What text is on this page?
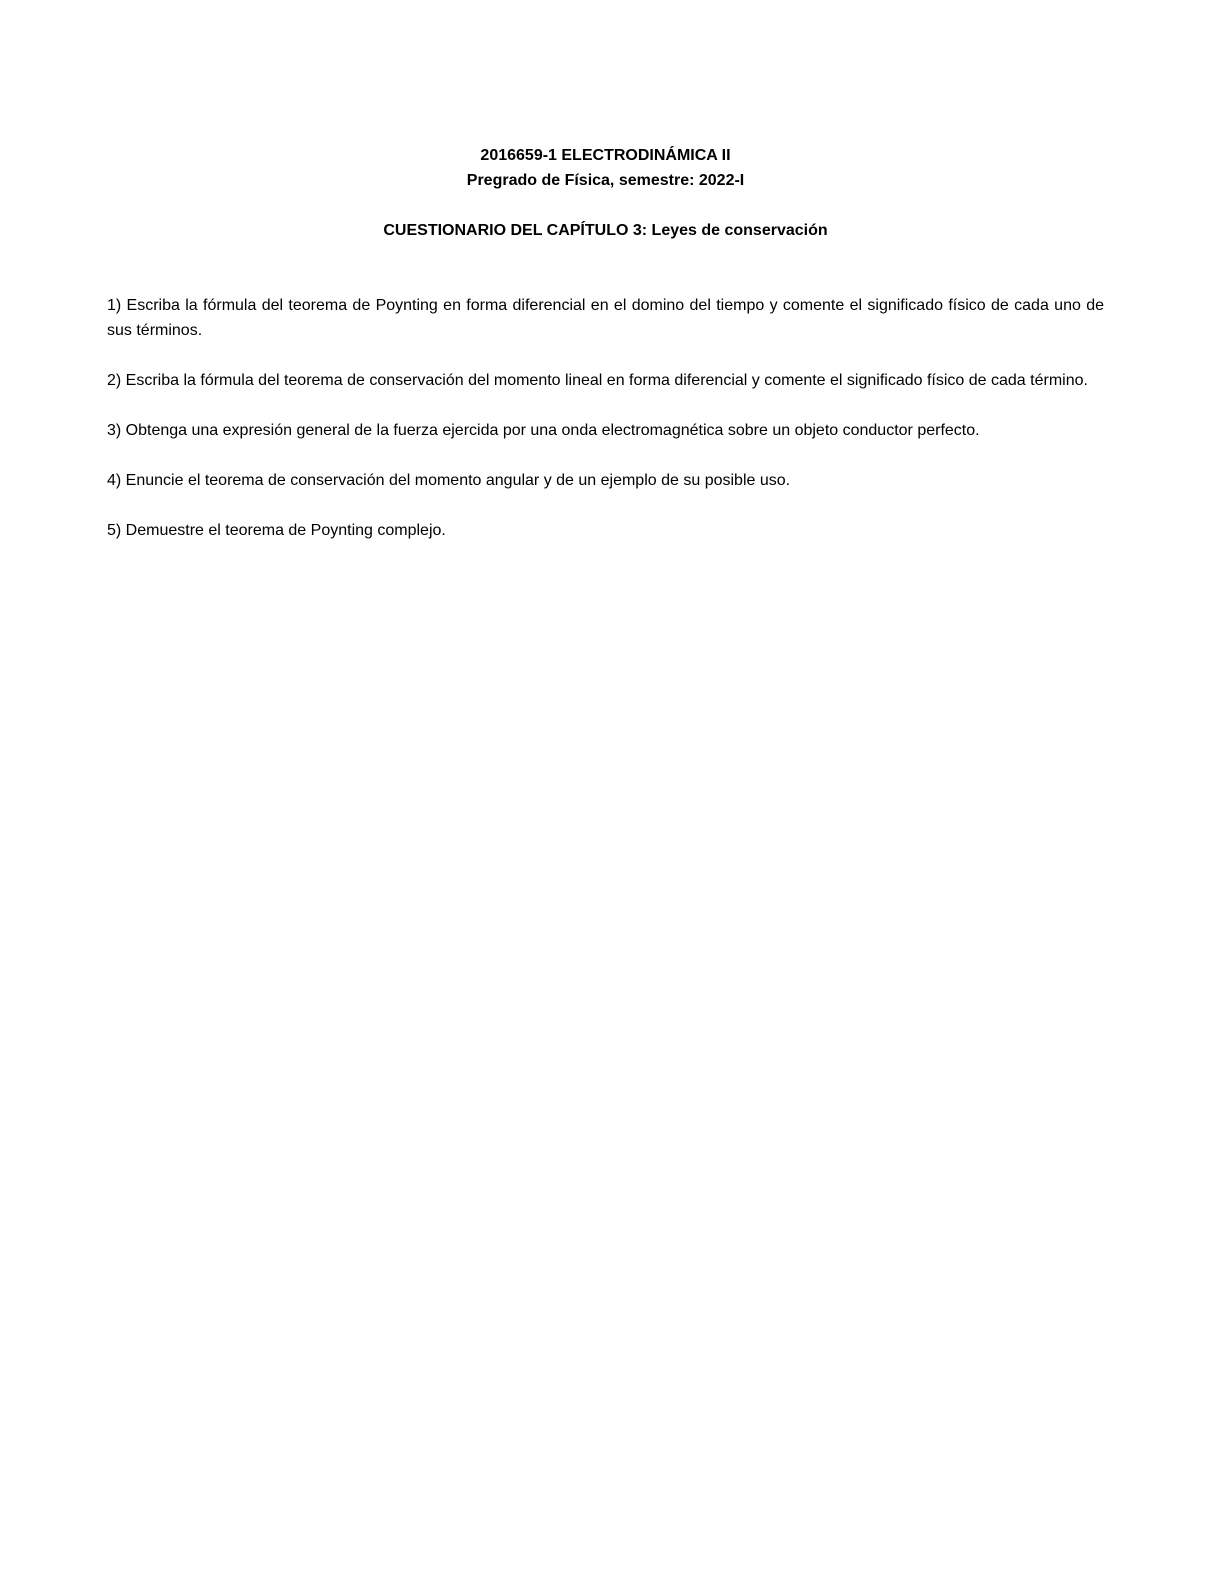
2016659-1 ELECTRODINÁMICA II

Pregrado de Física, semestre: 2022-I

CUESTIONARIO DEL CAPÍTULO 3: Leyes de conservación

1) Escriba la fórmula del teorema de Poynting en forma diferencial en el domino del tiempo y comente el significado físico de cada uno de sus términos.

2) Escriba la fórmula del teorema de conservación del momento lineal en forma diferencial y comente el significado físico de cada término.

3) Obtenga una expresión general de la fuerza ejercida por una onda electromagnética sobre un objeto conductor perfecto.

4) Enuncie el teorema de conservación del momento angular y de un ejemplo de su posible uso.

5) Demuestre el teorema de Poynting complejo.
